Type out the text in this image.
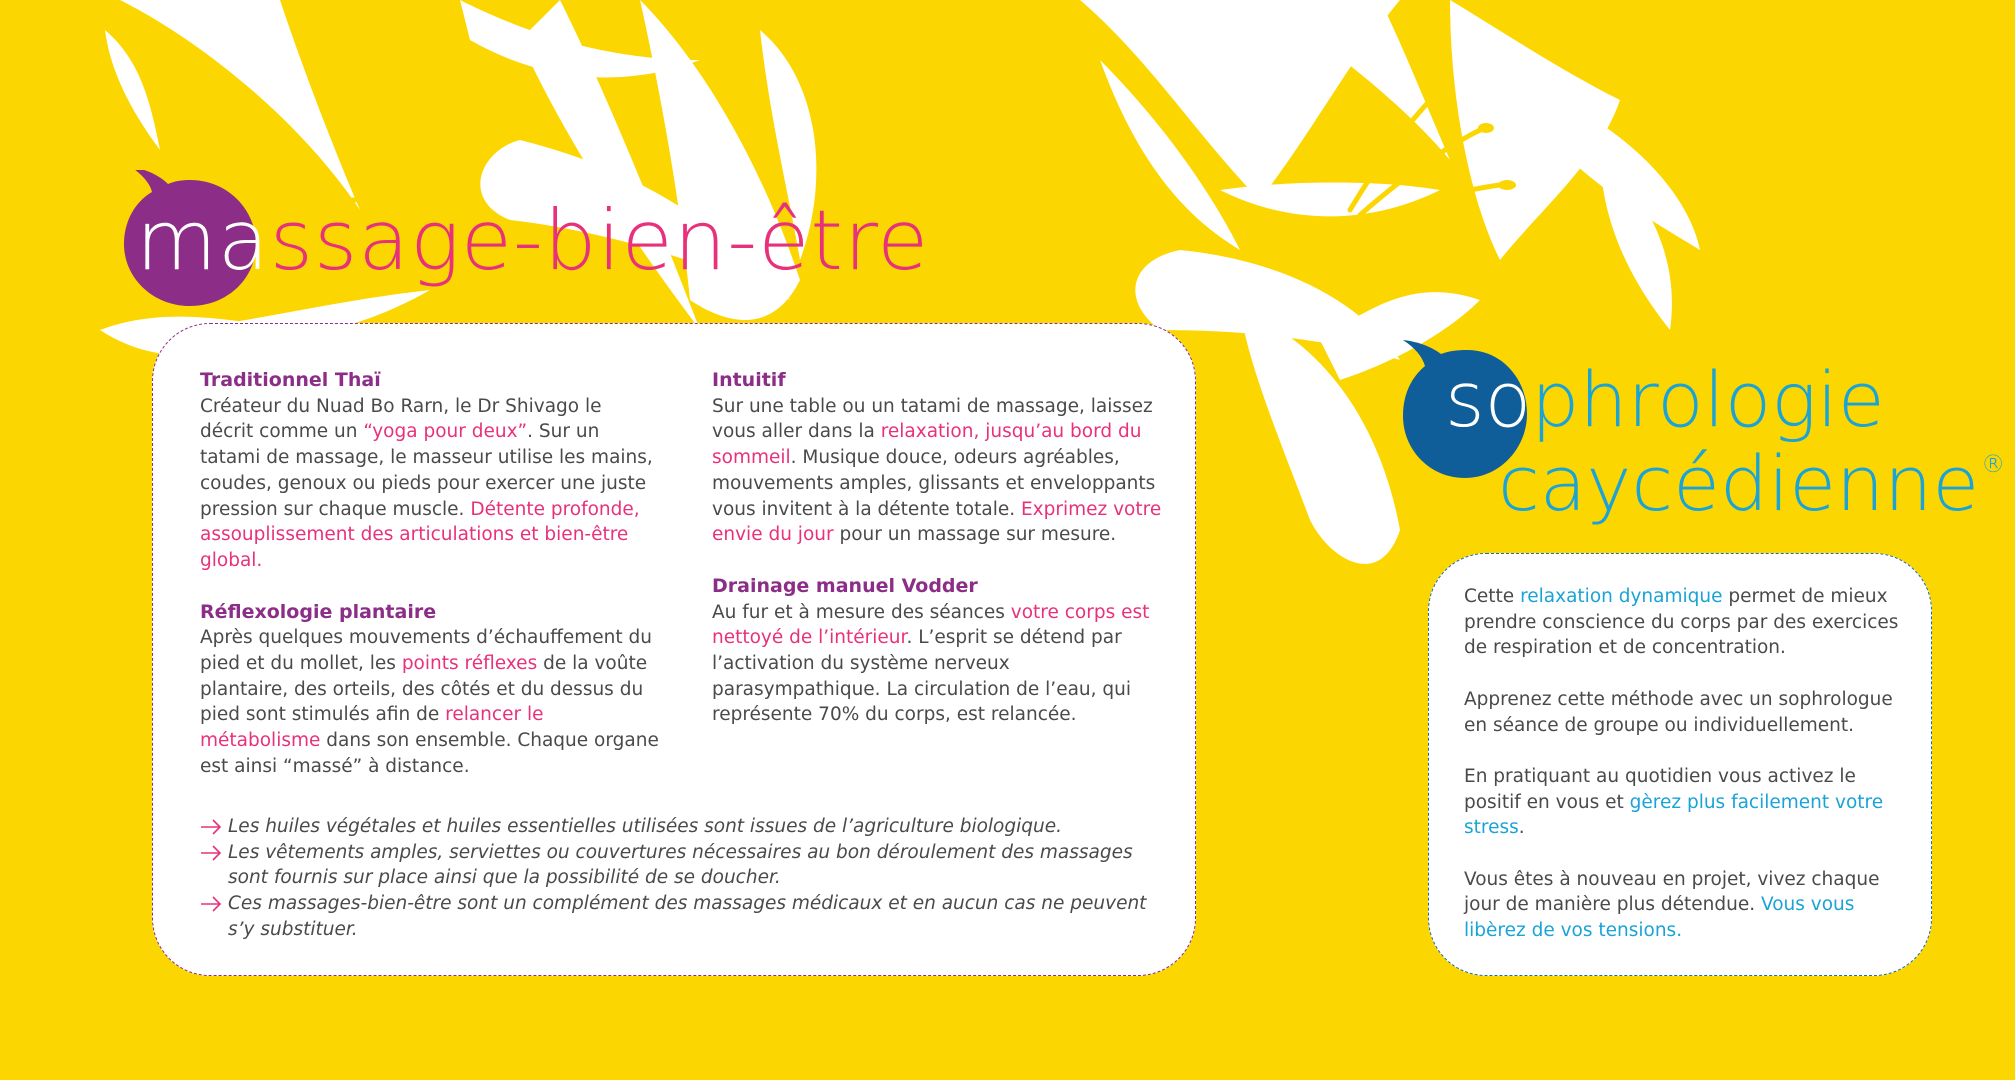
massage-bien-être

Traditionnel Thaï

Créateur du Nuad Bo Rarn, le Dr Shivago le décrit comme un “yoga pour deux”. Sur un tatami de massage, le masseur utilise les mains, coudes, genoux ou pieds pour exercer une juste pression sur chaque muscle. Détente profonde, assouplissement des articulations et bien-être global.

Réflexologie plantaire

Après quelques mouvements d’échauffement du pied et du mollet, les points réflexes de la voûte plantaire, des orteils, des côtés et du dessus du pied sont stimulés afin de relancer le métabolisme dans son ensemble. Chaque organe est ainsi “massé” à distance.

Intuitif

Sur une table ou un tatami de massage, laissez vous aller dans la relaxation, jusqu’au bord du sommeil. Musique douce, odeurs agréables, mouvements amples, glissants et enveloppants vous invitent à la détente totale. Exprimez votre envie du jour pour un massage sur mesure.

Drainage manuel Vodder

Au fur et à mesure des séances votre corps est nettoyé de l’intérieur. L’esprit se détend par l’activation du système nerveux parasympathique. La circulation de l’eau, qui représente 70% du corps, est relancée.

Les huiles végétales et huiles essentielles utilisées sont issues de l’agriculture biologique.
Les vêtements amples, serviettes ou couvertures nécessaires au bon déroulement des massages sont fournis sur place ainsi que la possibilité de se doucher.
Ces massages-bien-être sont un complément des massages médicaux et en aucun cas ne peuvent s’y substituer.
sophrologie
caycédienne®

Cette relaxation dynamique permet de mieux prendre conscience du corps par des exercices de respiration et de concentration.

Apprenez cette méthode avec un sophrologue en séance de groupe ou individuellement.

En pratiquant au quotidien vous activez le positif en vous et gèrez plus facilement votre stress.

Vous êtes à nouveau en projet, vivez chaque jour de manière plus détendue. Vous vous libèrez de vos tensions.
